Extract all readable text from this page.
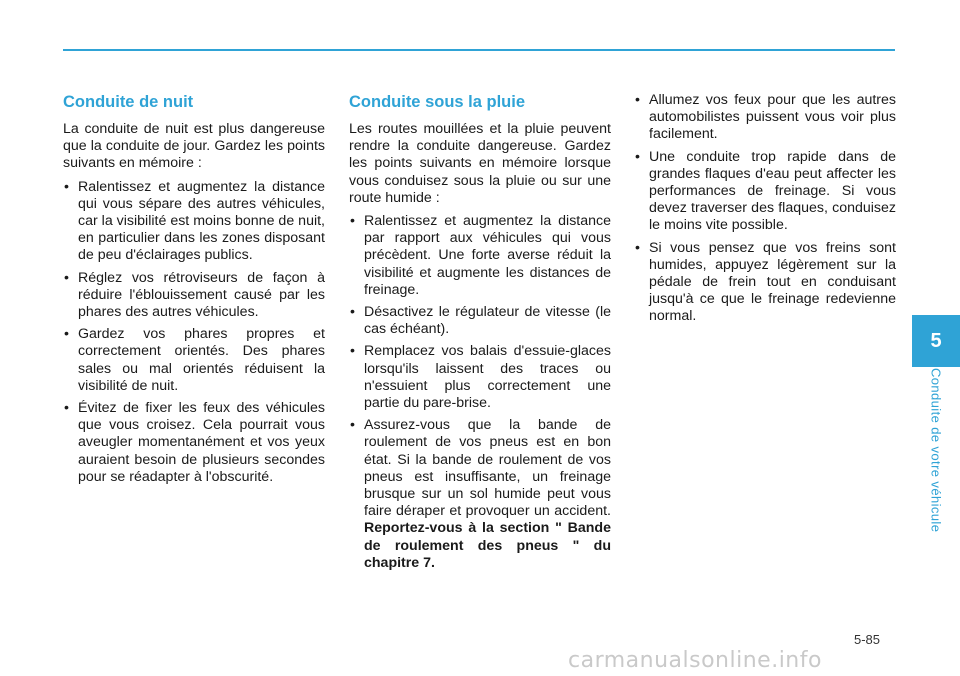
Conduite de nuit

La conduite de nuit est plus dangereuse que la conduite de jour. Gardez les points suivants en mémoire :

• Ralentissez et augmentez la distance qui vous sépare des autres véhicules, car la visibilité est moins bonne de nuit, en particulier dans les zones disposant de peu d'éclairages publics.
• Réglez vos rétroviseurs de façon à réduire l'éblouissement causé par les phares des autres véhicules.
• Gardez vos phares propres et correctement orientés. Des phares sales ou mal orientés réduisent la visibilité de nuit.
• Évitez de fixer les feux des véhicules que vous croisez. Cela pourrait vous aveugler momentanément et vos yeux auraient besoin de plusieurs secondes pour se réadapter à l'obscurité.
Conduite sous la pluie

Les routes mouillées et la pluie peuvent rendre la conduite dangereuse. Gardez les points suivants en mémoire lorsque vous conduisez sous la pluie ou sur une route humide :

• Ralentissez et augmentez la distance par rapport aux véhicules qui vous précèdent. Une forte averse réduit la visibilité et augmente les distances de freinage.
• Désactivez le régulateur de vitesse (le cas échéant).
• Remplacez vos balais d'essuie-glaces lorsqu'ils laissent des traces ou n'essuient plus correctement une partie du pare-brise.
• Assurez-vous que la bande de roulement de vos pneus est en bon état. Si la bande de roulement de vos pneus est insuffisante, un freinage brusque sur un sol humide peut vous faire déraper et provoquer un accident. Reportez-vous à la section " Bande de roulement des pneus " du chapitre 7.
• Allumez vos feux pour que les autres automobilistes puissent vous voir plus facilement.
• Une conduite trop rapide dans de grandes flaques d'eau peut affecter les performances de freinage. Si vous devez traverser des flaques, conduisez le moins vite possible.
• Si vous pensez que vos freins sont humides, appuyez légèrement sur la pédale de frein tout en conduisant jusqu'à ce que le freinage redevienne normal.
5
Conduite de votre véhicule
5-85
carmanualsonline.info
